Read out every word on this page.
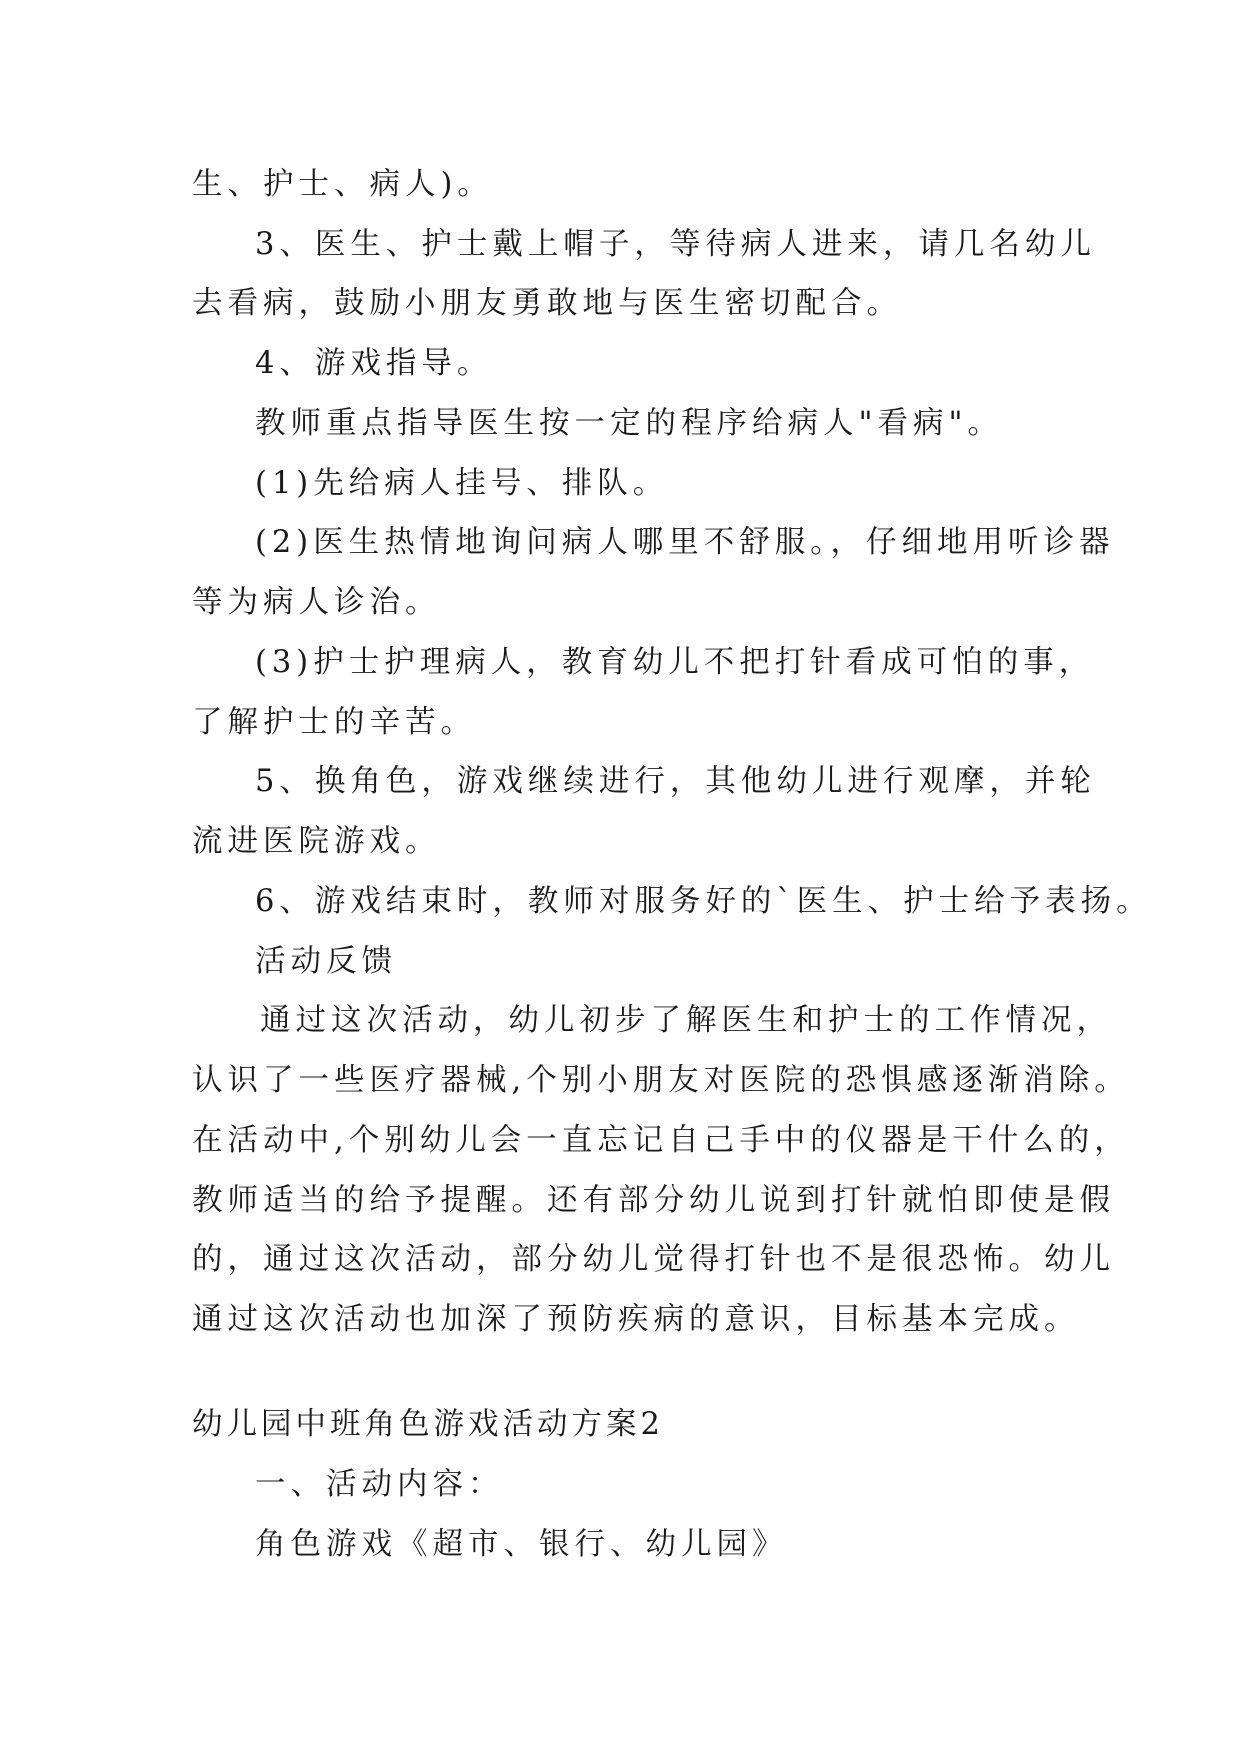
生、护士、病人)。
3、医生、护士戴上帽子，等待病人进来，请几名幼儿
去看病，鼓励小朋友勇敢地与医生密切配合。
4、游戏指导。
教师重点指导医生按一定的程序给病人"看病"。
(1)先给病人挂号、排队。
(2)医生热情地询问病人哪里不舒服。，仔细地用听诊器
等为病人诊治。
(3)护士护理病人，教育幼儿不把打针看成可怕的事，
了解护士的辛苦。
5、换角色，游戏继续进行，其他幼儿进行观摩，并轮
流进医院游戏。
6、游戏结束时，教师对服务好的`医生、护士给予表扬。
活动反馈
通过这次活动，幼儿初步了解医生和护士的工作情况，
认识了一些医疗器械,个别小朋友对医院的恐惧感逐渐消除。
在活动中,个别幼儿会一直忘记自己手中的仪器是干什么的，
教师适当的给予提醒。还有部分幼儿说到打针就怕即使是假
的，通过这次活动，部分幼儿觉得打针也不是很恐怖。幼儿
通过这次活动也加深了预防疾病的意识，目标基本完成。
幼儿园中班角色游戏活动方案2
一、活动内容：
角色游戏《超市、银行、幼儿园》
